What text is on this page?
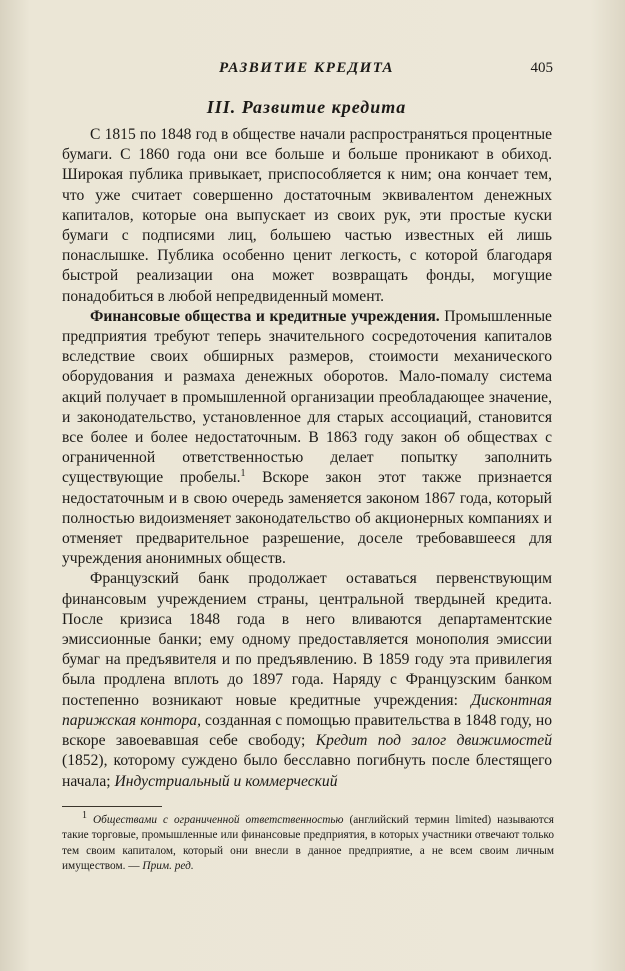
РАЗВИТИЕ КРЕДИТА	405
III. Развитие кредита

С 1815 по 1848 год в обществе начали распространяться процентные бумаги. С 1860 года они все больше и больше проникают в обиход. Широкая публика привыкает, приспособляется к ним; она кончает тем, что уже считает совершенно достаточным эквивалентом денежных капиталов, которые она выпускает из своих рук, эти простые куски бумаги с подписями лиц, большею частью известных ей лишь понаслышке. Публика особенно ценит легкость, с которой благодаря быстрой реализации она может возвращать фонды, могущие понадобиться в любой непредвиденный момент.

Финансовые общества и кредитные учреждения. Промышленные предприятия требуют теперь значительного сосредоточения капиталов вследствие своих обширных размеров, стоимости механического оборудования и размаха денежных оборотов. Мало-помалу система акций получает в промышленной организации преобладающее значение, и законодательство, установленное для старых ассоциаций, становится все более и более недостаточным. В 1863 году закон об обществах с ограниченной ответственностью делает попытку заполнить существующие пробелы.$^1$ Вскоре закон этот также признается недостаточным и в свою очередь заменяется законом 1867 года, который полностью видоизменяет законодательство об акционерных компаниях и отменяет предварительное разрешение, доселе требовавшееся для учреждения анонимных обществ.

Французский банк продолжает оставаться первенствующим финансовым учреждением страны, центральной твердыней кредита. После кризиса 1848 года в него вливаются департаментские эмиссионные банки; ему одному предоставляется монополия эмиссии бумаг на предъявителя и по предъявлению. В 1859 году эта привилегия была продлена вплоть до 1897 года. Наряду с Французским банком постепенно возникают новые кредитные учреждения: Дисконтная парижская контора, созданная с помощью правительства в 1848 году, но вскоре завоевавшая себе свободу; Кредит под залог движимостей (1852), которому суждено было бесславно погибнуть после блестящего начала; Индустриальный и коммерческий

$^1$ Обществами с ограниченной ответственностью (английский термин limited) называются такие торговые, промышленные или финансовые предприятия, в которых участники отвечают только тем своим капиталом, который они внесли в данное предприятие, а не всем своим личным имуществом. — Прим. ред.
